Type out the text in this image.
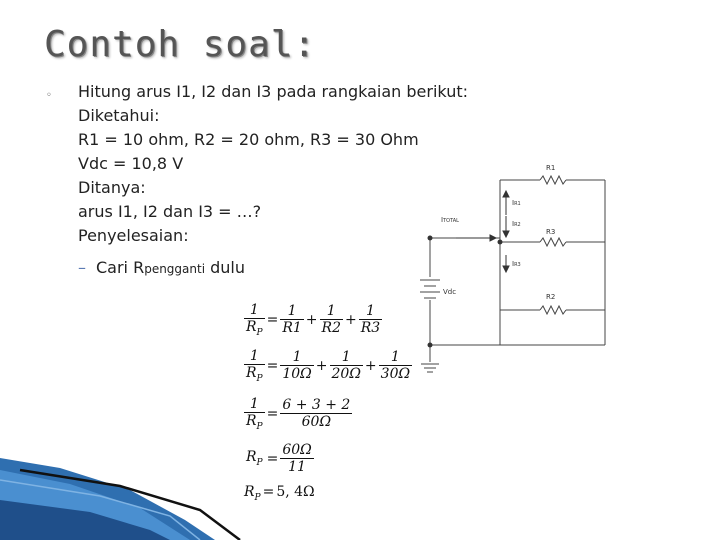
Contoh soal:
◦ Hitung arus I1, I2 dan I3 pada rangkaian berikut:
Diketahui:
R1 = 10 ohm, R2 = 20 ohm, R3 = 30 Ohm
Vdc = 10,8 V
Ditanya:
arus I1, I2 dan I3 = …?
Penyelesaian:
– Cari Rpengganti dulu
$\frac{1}{R_P} = \frac{1}{R1} + \frac{1}{R2} + \frac{1}{R3}$
$\frac{1}{R_P} = \frac{1}{10\Omega} + \frac{1}{20\Omega} + \frac{1}{30\Omega}$
$\frac{1}{R_P} = \frac{6 + 3 + 2}{60\Omega}$
$R_P = \frac{60\Omega}{11}$
$R_P = 5$, 4Ω
R1
R3
R2
ITOTAL
IR1
IR2
IR3
Vdc
